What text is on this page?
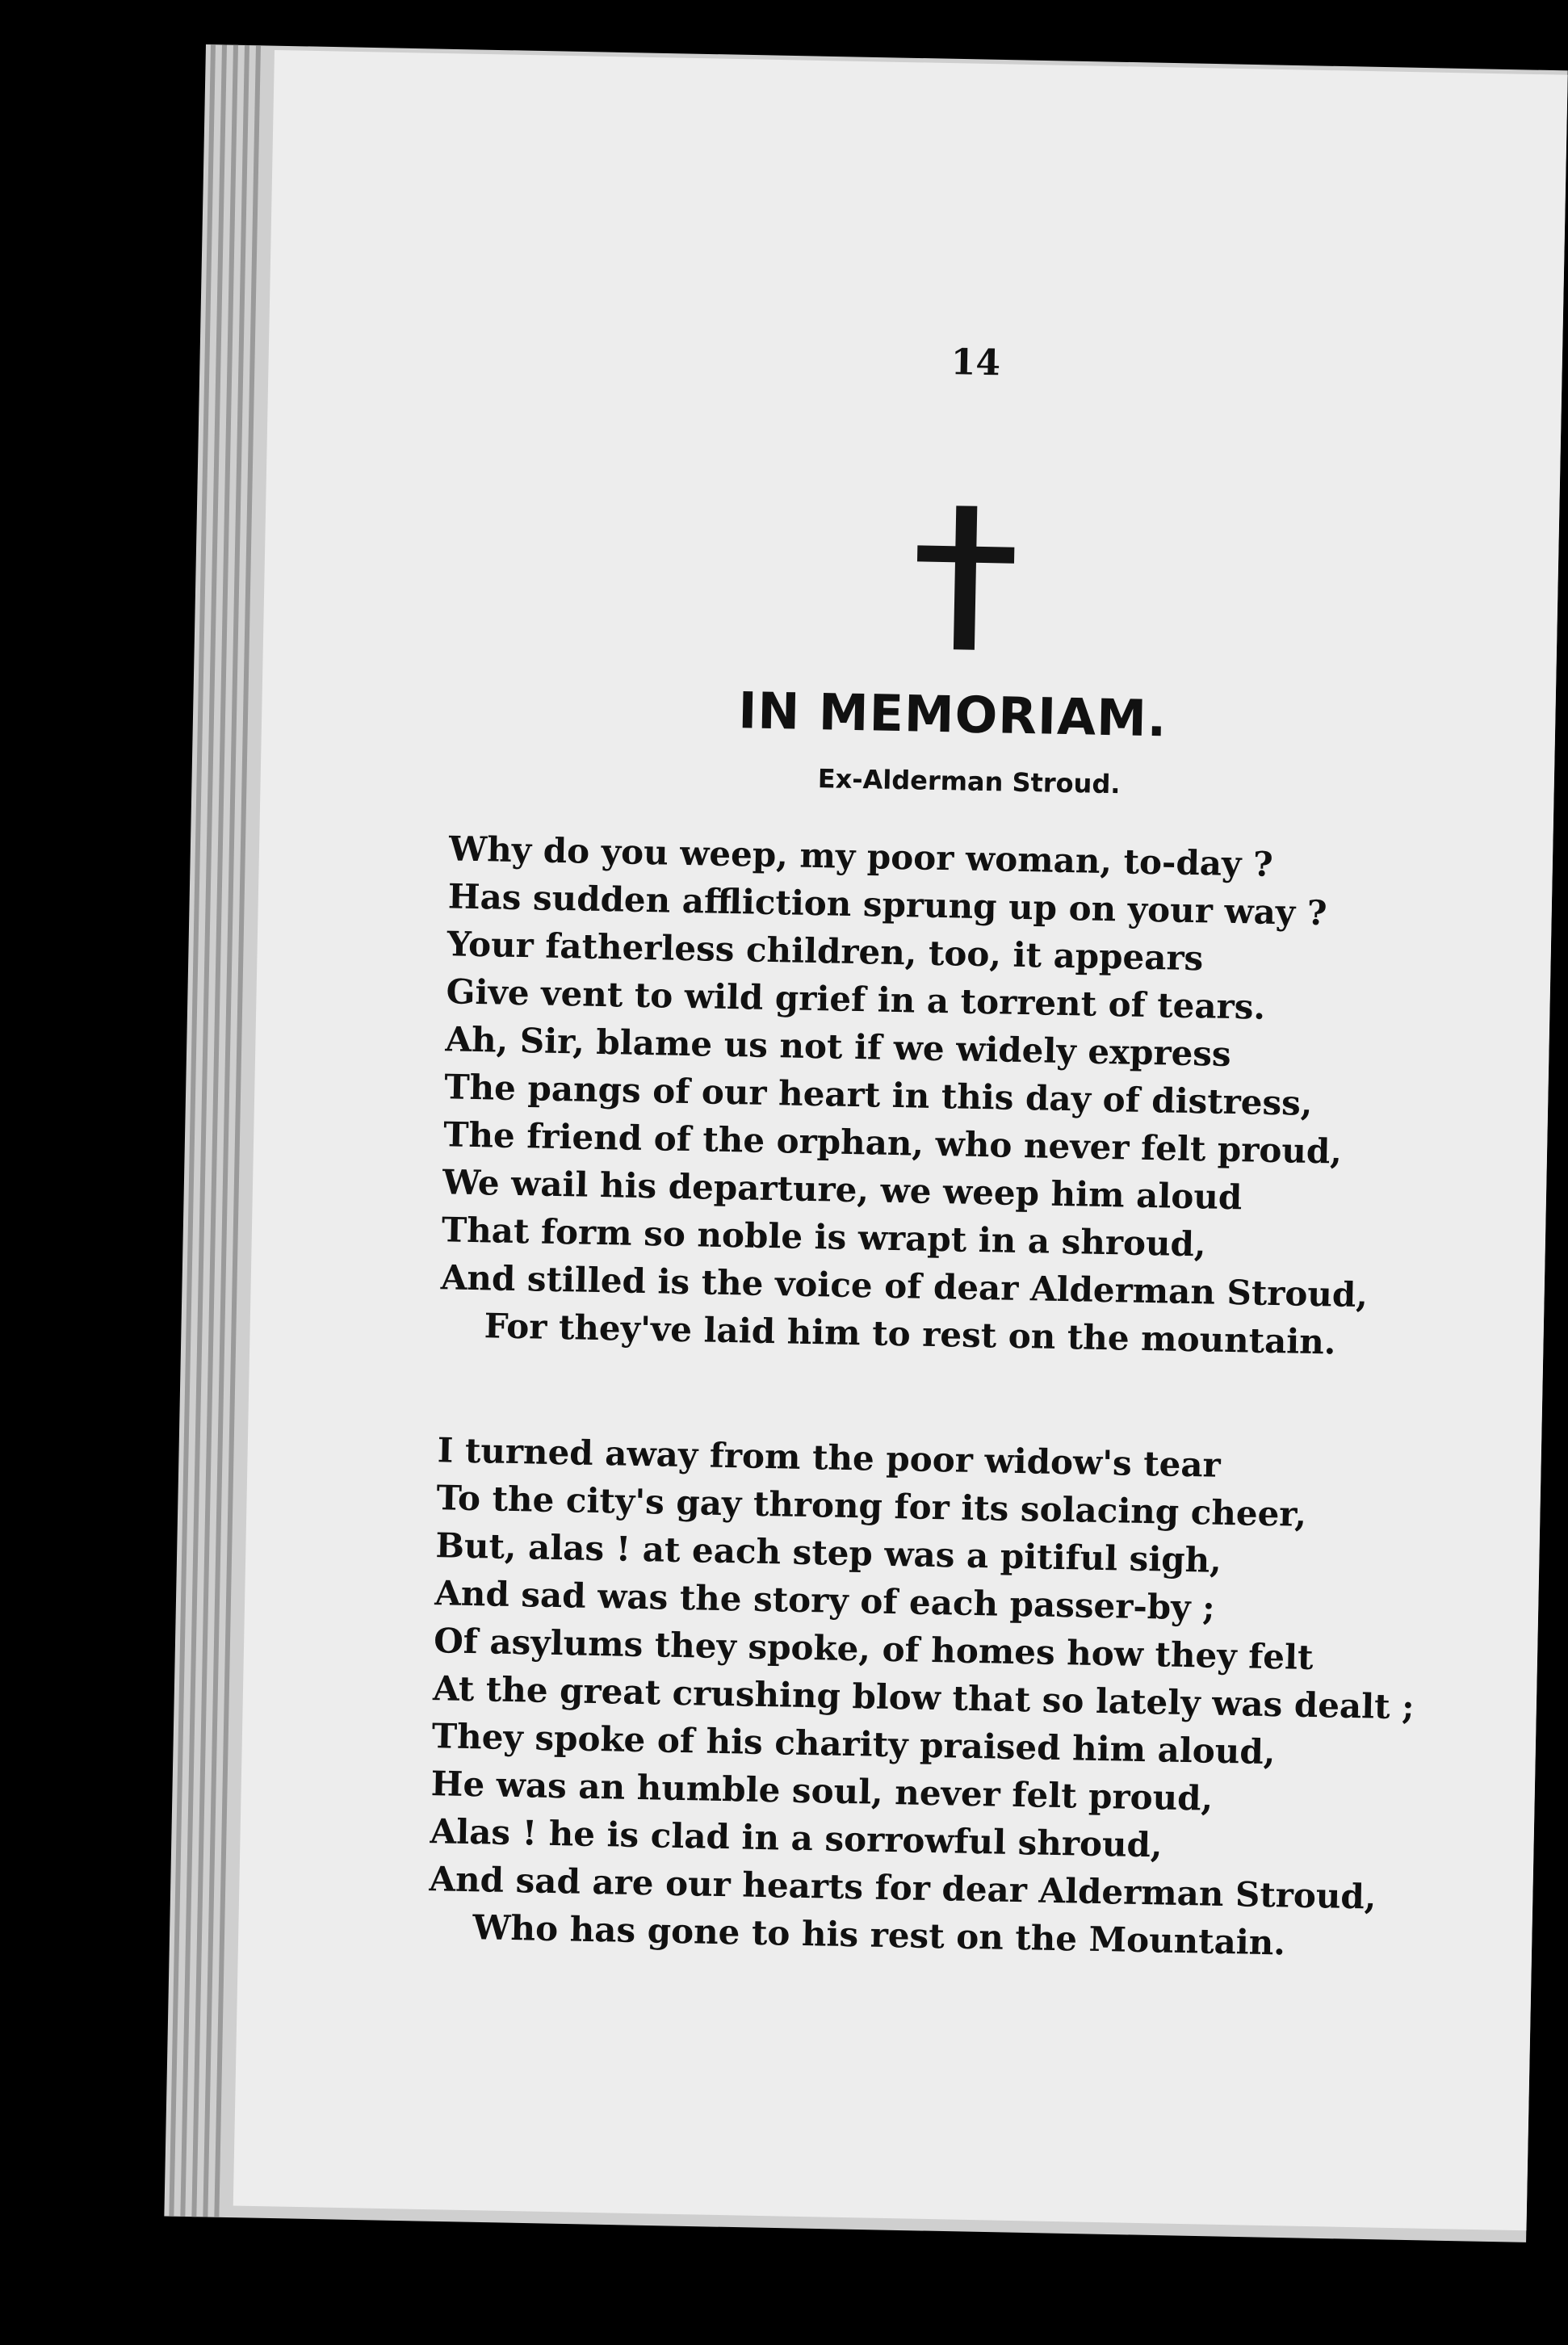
14
IN MEMORIAM.
Ex-Alderman Stroud.
Why do you weep, my poor woman, to-day ?
Has sudden affliction sprung up on your way ?
Your fatherless children, too, it appears
Give vent to wild grief in a torrent of tears.
Ah, Sir, blame us not if we widely express
The pangs of our heart in this day of distress,
The friend of the orphan, who never felt proud,
We wail his departure, we weep him aloud
That form so noble is wrapt in a shroud,
And stilled is the voice of dear Alderman Stroud,
For they've laid him to rest on the mountain.
I turned away from the poor widow's tear
To the city's gay throng for its solacing cheer,
But, alas ! at each step was a pitiful sigh,
And sad was the story of each passer-by ;
Of asylums they spoke, of homes how they felt
At the great crushing blow that so lately was dealt ;
They spoke of his charity praised him aloud,
He was an humble soul, never felt proud,
Alas ! he is clad in a sorrowful shroud,
And sad are our hearts for dear Alderman Stroud,
Who has gone to his rest on the Mountain.
